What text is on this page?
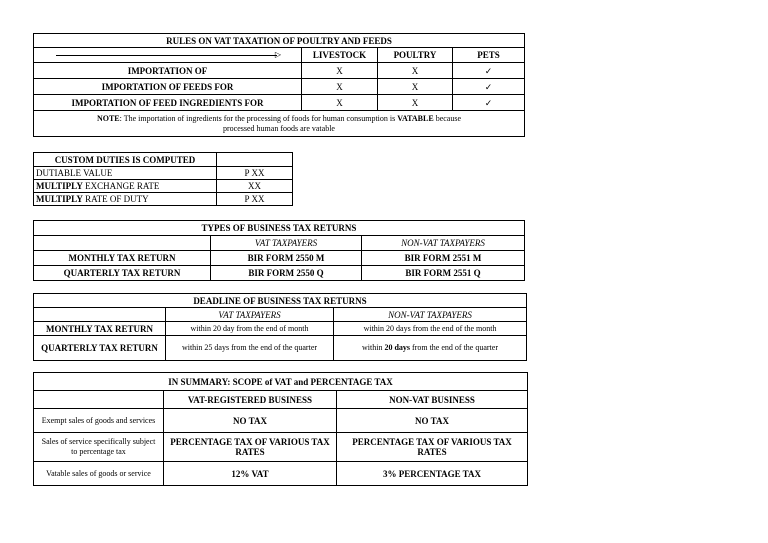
RULES ON VAT TAXATION OF POULTRY AND FEEDS			

▷	LIVESTOCK	POULTRY	PETS
IMPORTATION OF	X	X	✓
IMPORTATION OF FEEDS FOR	X	X	✓
IMPORTATION OF FEED INGREDIENTS FOR	X	X	✓
NOTE: The importation of ingredients for the processing of foods for human consumption is VATABLE because processed human foods are vatable			
CUSTOM DUTIES IS COMPUTED	
DUTIABLE VALUE	P XX
MULTIPLY EXCHANGE RATE	XX
MULTIPLY RATE OF DUTY	P XX
TYPES OF BUSINESS TAX RETURNS		
	VAT TAXPAYERS	NON-VAT TAXPAYERS
MONTHLY TAX RETURN	BIR FORM 2550 M	BIR FORM 2551 M
QUARTERLY TAX RETURN	BIR FORM 2550 Q	BIR FORM 2551 Q
DEADLINE OF BUSINESS TAX RETURNS		
	VAT TAXPAYERS	NON-VAT TAXPAYERS
MONTHLY TAX RETURN	within 20 day from the end of month	within 20 days from the end of the month
QUARTERLY TAX RETURN	within 25 days from the end of the quarter	within 20 days from the end of the quarter
IN SUMMARY: SCOPE of VAT and PERCENTAGE TAX		
	VAT-REGISTERED BUSINESS	NON-VAT BUSINESS
Exempt sales of goods and services	NO TAX	NO TAX
Sales of service specifically subject to percentage tax	PERCENTAGE TAX OF VARIOUS TAX RATES	PERCENTAGE TAX OF VARIOUS TAX RATES
Vatable sales of goods or service	12% VAT	3% PERCENTAGE TAX
